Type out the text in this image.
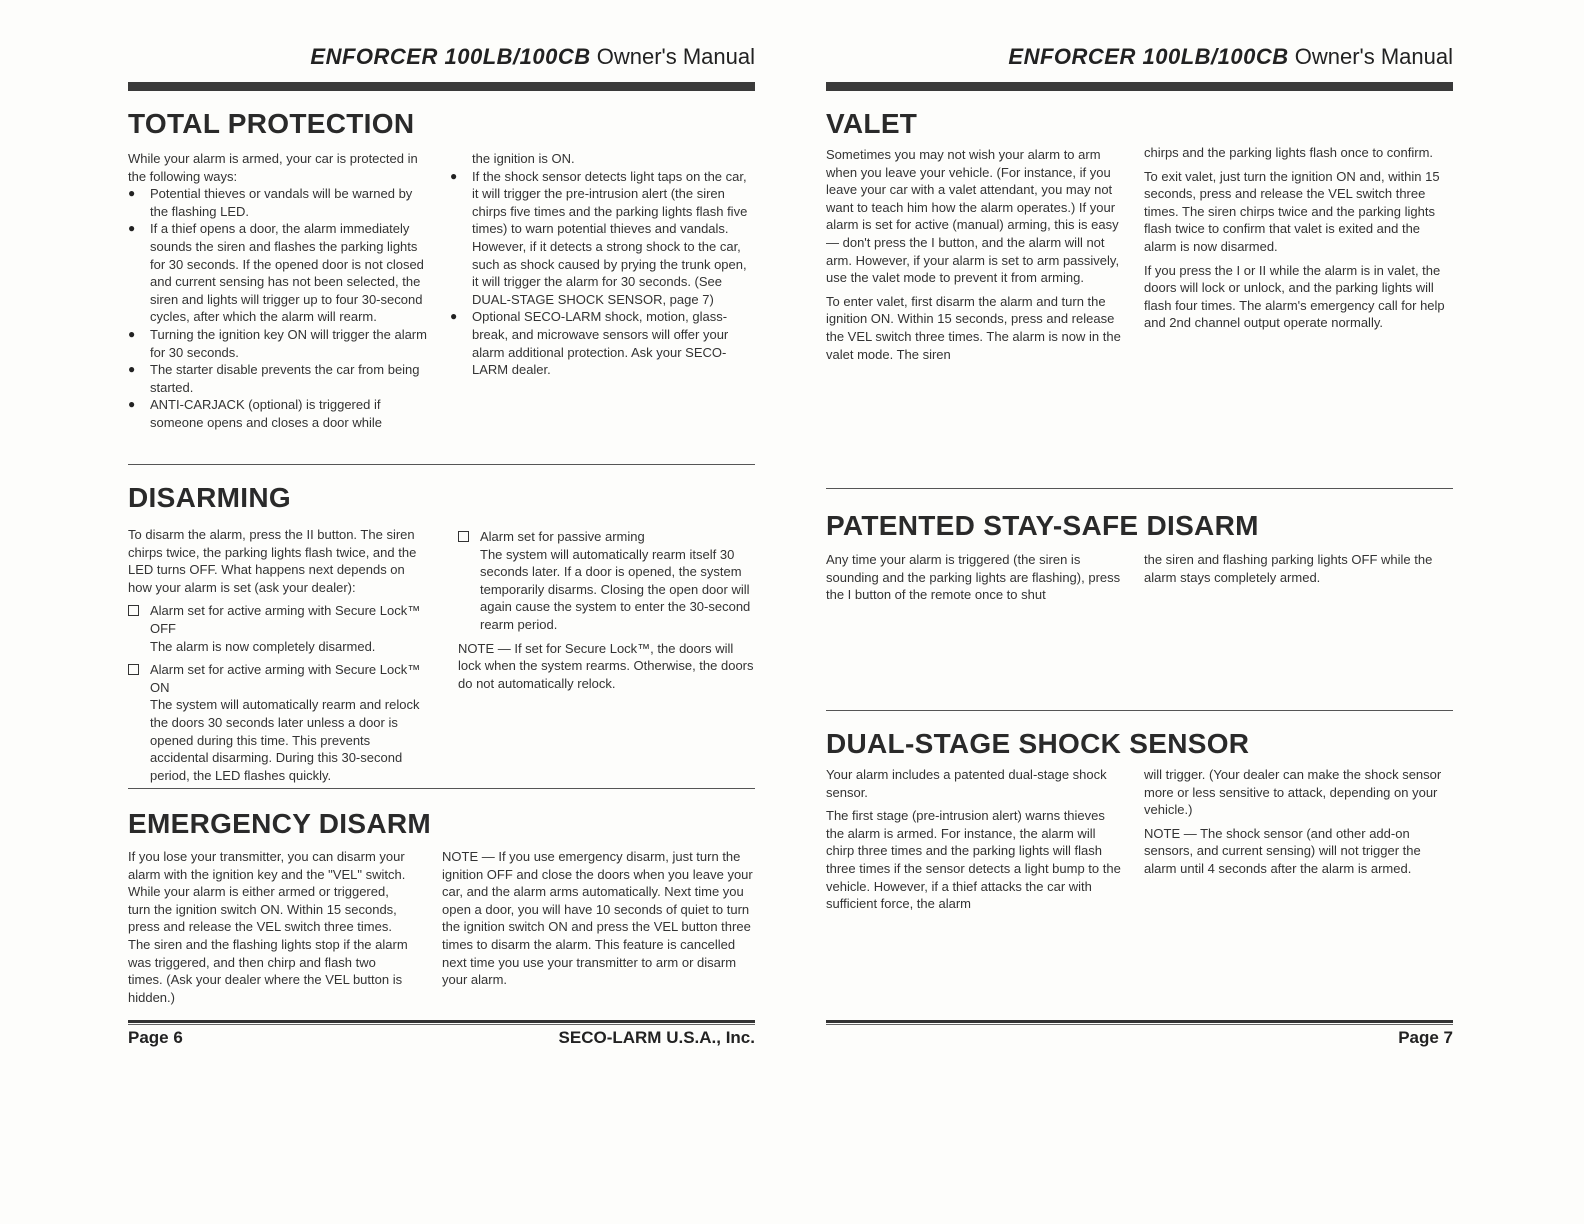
ENFORCER 100LB/100CB Owner's Manual
TOTAL PROTECTION

While your alarm is armed, your car is protected in the following ways:

● Potential thieves or vandals will be warned by the flashing LED.
● If a thief opens a door, the alarm immediately sounds the siren and flashes the parking lights for 30 seconds. If the opened door is not closed and current sensing has not been selected, the siren and lights will trigger up to four 30-second cycles, after which the alarm will rearm.
● Turning the ignition key ON will trigger the alarm for 30 seconds.
● The starter disable prevents the car from being started.
● ANTI-CARJACK (optional) is triggered if someone opens and closes a door while
the ignition is ON.
● If the shock sensor detects light taps on the car, it will trigger the pre-intrusion alert (the siren chirps five times and the parking lights flash five times) to warn potential thieves and vandals. However, if it detects a strong shock to the car, such as shock caused by prying the trunk open, it will trigger the alarm for 30 seconds. (See DUAL-STAGE SHOCK SENSOR, page 7)
● Optional SECO-LARM shock, motion, glass-break, and microwave sensors will offer your alarm additional protection. Ask your SECO-LARM dealer.
DISARMING

To disarm the alarm, press the II button. The siren chirps twice, the parking lights flash twice, and the LED turns OFF. What happens next depends on how your alarm is set (ask your dealer):

Alarm set for active arming with Secure Lock™ OFF
The alarm is now completely disarmed.
Alarm set for active arming with Secure Lock™ ON
The system will automatically rearm and relock the doors 30 seconds later unless a door is opened during this time. This prevents accidental disarming. During this 30-second period, the LED flashes quickly.
Alarm set for passive arming
The system will automatically rearm itself 30 seconds later. If a door is opened, the system temporarily disarms. Closing the open door will again cause the system to enter the 30-second rearm period.

NOTE — If set for Secure Lock™, the doors will lock when the system rearms. Otherwise, the doors do not automatically relock.

EMERGENCY DISARM

If you lose your transmitter, you can disarm your alarm with the ignition key and the "VEL" switch. While your alarm is either armed or triggered, turn the ignition switch ON. Within 15 seconds, press and release the VEL switch three times. The siren and the flashing lights stop if the alarm was triggered, and then chirp and flash two times. (Ask your dealer where the VEL button is hidden.)

NOTE — If you use emergency disarm, just turn the ignition OFF and close the doors when you leave your car, and the alarm arms automatically. Next time you open a door, you will have 10 seconds of quiet to turn the ignition switch ON and press the VEL button three times to disarm the alarm. This feature is cancelled next time you use your transmitter to arm or disarm your alarm.

Page 6	SECO-LARM U.S.A., Inc.
ENFORCER 100LB/100CB Owner's Manual
VALET

Sometimes you may not wish your alarm to arm when you leave your vehicle. (For instance, if you leave your car with a valet attendant, you may not want to teach him how the alarm operates.) If your alarm is set for active (manual) arming, this is easy — don't press the I button, and the alarm will not arm. However, if your alarm is set to arm passively, use the valet mode to prevent it from arming.

To enter valet, first disarm the alarm and turn the ignition ON. Within 15 seconds, press and release the VEL switch three times. The alarm is now in the valet mode. The siren

chirps and the parking lights flash once to confirm.

To exit valet, just turn the ignition ON and, within 15 seconds, press and release the VEL switch three times. The siren chirps twice and the parking lights flash twice to confirm that valet is exited and the alarm is now disarmed.

If you press the I or II while the alarm is in valet, the doors will lock or unlock, and the parking lights will flash four times. The alarm's emergency call for help and 2nd channel output operate normally.

PATENTED STAY-SAFE DISARM

Any time your alarm is triggered (the siren is sounding and the parking lights are flashing), press the I button of the remote once to shut

the siren and flashing parking lights OFF while the alarm stays completely armed.

DUAL-STAGE SHOCK SENSOR

Your alarm includes a patented dual-stage shock sensor.

The first stage (pre-intrusion alert) warns thieves the alarm is armed. For instance, the alarm will chirp three times and the parking lights will flash three times if the sensor detects a light bump to the vehicle. However, if a thief attacks the car with sufficient force, the alarm

will trigger. (Your dealer can make the shock sensor more or less sensitive to attack, depending on your vehicle.)

NOTE — The shock sensor (and other add-on sensors, and current sensing) will not trigger the alarm until 4 seconds after the alarm is armed.

Page 7
